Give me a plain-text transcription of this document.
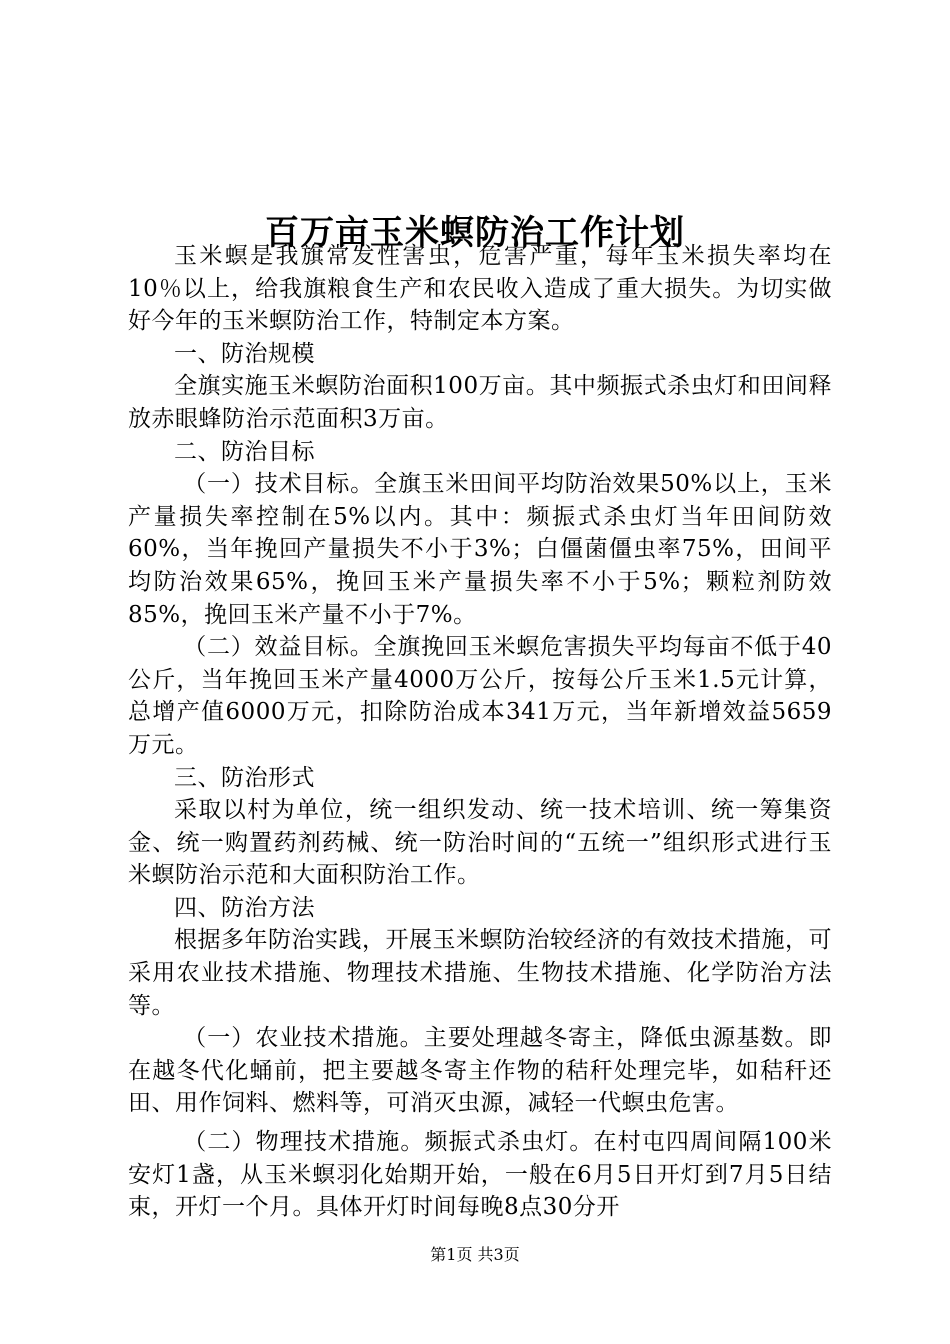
百万亩玉米螟防治工作计划

玉米螟是我旗常发性害虫，危害严重，每年玉米损失率均在10％以上，给我旗粮食生产和农民收入造成了重大损失。为切实做好今年的玉米螟防治工作，特制定本方案。

一、防治规模

全旗实施玉米螟防治面积100万亩。其中频振式杀虫灯和田间释放赤眼蜂防治示范面积3万亩。

二、防治目标

（一）技术目标。全旗玉米田间平均防治效果50%以上，玉米产量损失率控制在5%以内。其中：频振式杀虫灯当年田间防效60%，当年挽回产量损失不小于3%；白僵菌僵虫率75%，田间平均防治效果65%，挽回玉米产量损失率不小于5%；颗粒剂防效85%，挽回玉米产量不小于7%。

（二）效益目标。全旗挽回玉米螟危害损失平均每亩不低于40公斤，当年挽回玉米产量4000万公斤，按每公斤玉米1.5元计算，总增产值6000万元，扣除防治成本341万元，当年新增效益5659万元。

三、防治形式

采取以村为单位，统一组织发动、统一技术培训、统一筹集资金、统一购置药剂药械、统一防治时间的“五统一”组织形式进行玉米螟防治示范和大面积防治工作。

四、防治方法

根据多年防治实践，开展玉米螟防治较经济的有效技术措施，可采用农业技术措施、物理技术措施、生物技术措施、化学防治方法等。

（一）农业技术措施。主要处理越冬寄主，降低虫源基数。即在越冬代化蛹前，把主要越冬寄主作物的秸秆处理完毕，如秸秆还田、用作饲料、燃料等，可消灭虫源，减轻一代螟虫危害。

（二）物理技术措施。频振式杀虫灯。在村屯四周间隔100米安灯1盏，从玉米螟羽化始期开始，一般在6月5日开灯到7月5日结束，开灯一个月。具体开灯时间每晚8点30分开

第1页 共3页
